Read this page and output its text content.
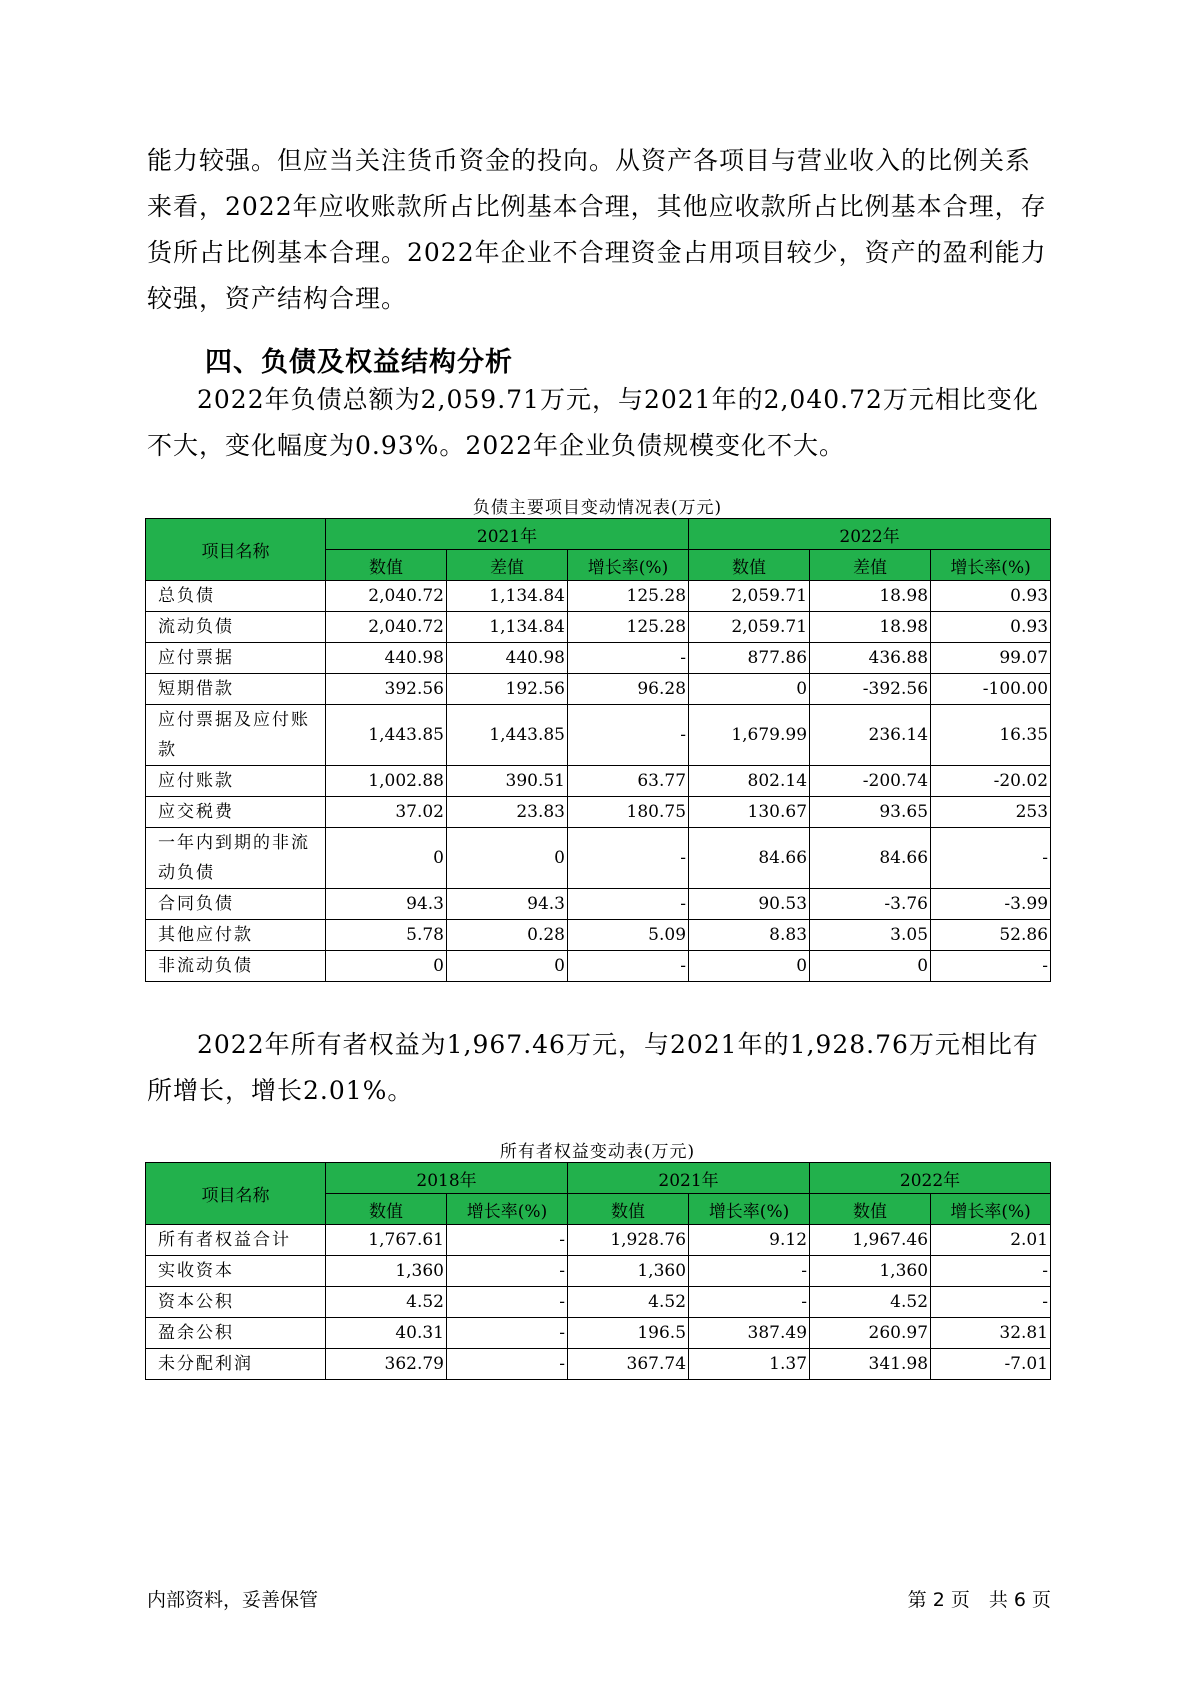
能力较强。但应当关注货币资金的投向。从资产各项目与营业收入的比例关系来看，2022年应收账款所占比例基本合理，其他应收款所占比例基本合理，存货所占比例基本合理。2022年企业不合理资金占用项目较少，资产的盈利能力较强，资产结构合理。

四、负债及权益结构分析

2022年负债总额为2,059.71万元，与2021年的2,040.72万元相比变化不大，变化幅度为0.93%。2022年企业负债规模变化不大。

负债主要项目变动情况表(万元)

项目名称	2021年			2022年		
	数值	差值	增长率(%)	数值	差值	增长率(%)
总负债	2,040.72	1,134.84	125.28	2,059.71	18.98	0.93
流动负债	2,040.72	1,134.84	125.28	2,059.71	18.98	0.93
应付票据	440.98	440.98	-	877.86	436.88	99.07
短期借款	392.56	192.56	96.28	0	-392.56	-100.00
应付票据及应付账款	1,443.85	1,443.85	-	1,679.99	236.14	16.35
应付账款	1,002.88	390.51	63.77	802.14	-200.74	-20.02
应交税费	37.02	23.83	180.75	130.67	93.65	253
一年内到期的非流动负债	0	0	-	84.66	84.66	-
合同负债	94.3	94.3	-	90.53	-3.76	-3.99
其他应付款	5.78	0.28	5.09	8.83	3.05	52.86
非流动负债	0	0	-	0	0	-

2022年所有者权益为1,967.46万元，与2021年的1,928.76万元相比有所增长，增长2.01%。

所有者权益变动表(万元)

项目名称	2018年		2021年		2022年	
	数值	增长率(%)	数值	增长率(%)	数值	增长率(%)
所有者权益合计	1,767.61	-	1,928.76	9.12	1,967.46	2.01
实收资本	1,360	-	1,360	-	1,360	-
资本公积	4.52	-	4.52	-	4.52	-
盈余公积	40.31	-	196.5	387.49	260.97	32.81
未分配利润	362.79	-	367.74	1.37	341.98	-7.01

内部资料，妥善保管	第 2 页　共 6 页
